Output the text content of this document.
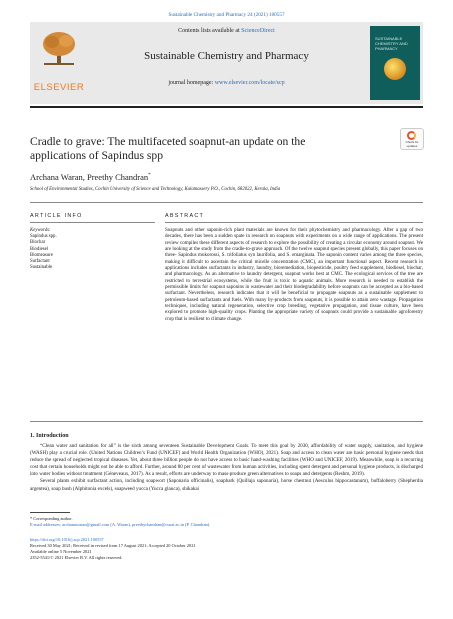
Sustainable Chemistry and Pharmacy 24 (2021) 100557
ELSEVIER
Contents lists available at ScienceDirect
Sustainable Chemistry and Pharmacy
journal homepage: www.elsevier.com/locate/scp
SUSTAINABLE CHEMISTRY AND PHARMACY
Cradle to grave: The multifaceted soapnut-an update on the applications of Sapindus spp
Check for updates
Archana Waran, Preethy Chandran*
School of Environmental Studies, Cochin University of Science and Technology, Kalamassery P.O., Cochin, 682022, Kerala, India
ARTICLE INFO	ABSTRACT
Keywords:
Sapindus spp.
Biochar
Biodiesel
Biomeasure
Surfactant
Sustainable
Soapnuts and other saponin-rich plant materials are known for their phytochemistry and pharmacology. After a gap of two decades, there has been a sudden spate in research on soapnuts with experiments on a wide range of applications. The present review compiles these different aspects of research to explore the possibility of creating a circular economy around soapnut. We are looking at the study from the cradle-to-grave approach. Of the twelve soapnut species present globally, this paper focuses on three- Sapindus mukorossi, S. trifoliatus syn laurifolia, and S. emarginata. The saponin content varies among the three species, making it difficult to ascertain the critical micelle concentration (CMC), an important functional aspect. Recent research in applications includes surfactants in industry, laundry, bioremediation, biopesticide, poultry feed supplement, biodiesel, biochar, and pharmacology. As an alternative to laundry detergent, soapnut works best at CMC. The ecological services of the tree are restricted to terrestrial ecosystems, while the fruit is toxic to aquatic animals. More research is needed to establish the permissible limits for soapnut saponins in wastewater and their biodegradability before soapnuts can be accepted as a bio-based surfactant. Nevertheless, research indicates that it will be beneficial to propagate soapnuts as a sustainable supplement to petroleum-based surfactants and fuels. With many by-products from soapnuts, it is possible to attain zero wastage. Propagation techniques, including natural regeneration, selective crop breeding, vegetative propagation, and tissue culture, have been explored to promote high-quality crops. Planting the appropriate variety of soapnuts could provide a sustainable agroforestry crop that is resilient to climate change.
1. Introduction

“Clean water and sanitation for all” is the sixth among seventeen Sustainable Development Goals. To meet this goal by 2030, affordability of water supply, sanitation, and hygiene (WASH) play a crucial role. (United Nations Children’s Fund (UNICEF) and World Health Organization (WHO), 2021). Soap and access to clean water are basic personal hygiene needs that reduce the spread of neglected tropical diseases. Yet, about three billion people do not have access to basic hand-washing facilities (WHO and UNICEF, 2019). Meanwhile, soap is a recurring cost that certain households might not be able to afford. Further, around 80 per cent of wastewater from human activities, including spent detergent and personal hygiene products, is discharged into water bodies without treatment (Géneveaux, 2017). As a result, efforts are underway to mass-produce green alternatives to soaps and detergents (Reshm, 2019).

Several plants exhibit surfactant action, including soapwort (Saponaria officinalis), soapbark (Quillaja saponaria), horse chestnut (Aesculus hippocastanum), buffaloberry (Shepherdia argentea), soap bush (Alphitonia excels), soapweed yucca (Yucca glauca), shikakai

* Corresponding author.
E-mail addresses: archanawaran@gmail.com (A. Waran), preethychandran@cusat.ac.in (P. Chandran).
https://doi.org/10.1016/j.scp.2021.100557
Received 30 May 2021; Received in revised form 17 August 2021; Accepted 20 October 2021
Available online 5 November 2021
2352-5541/© 2021 Elsevier B.V. All rights reserved.
